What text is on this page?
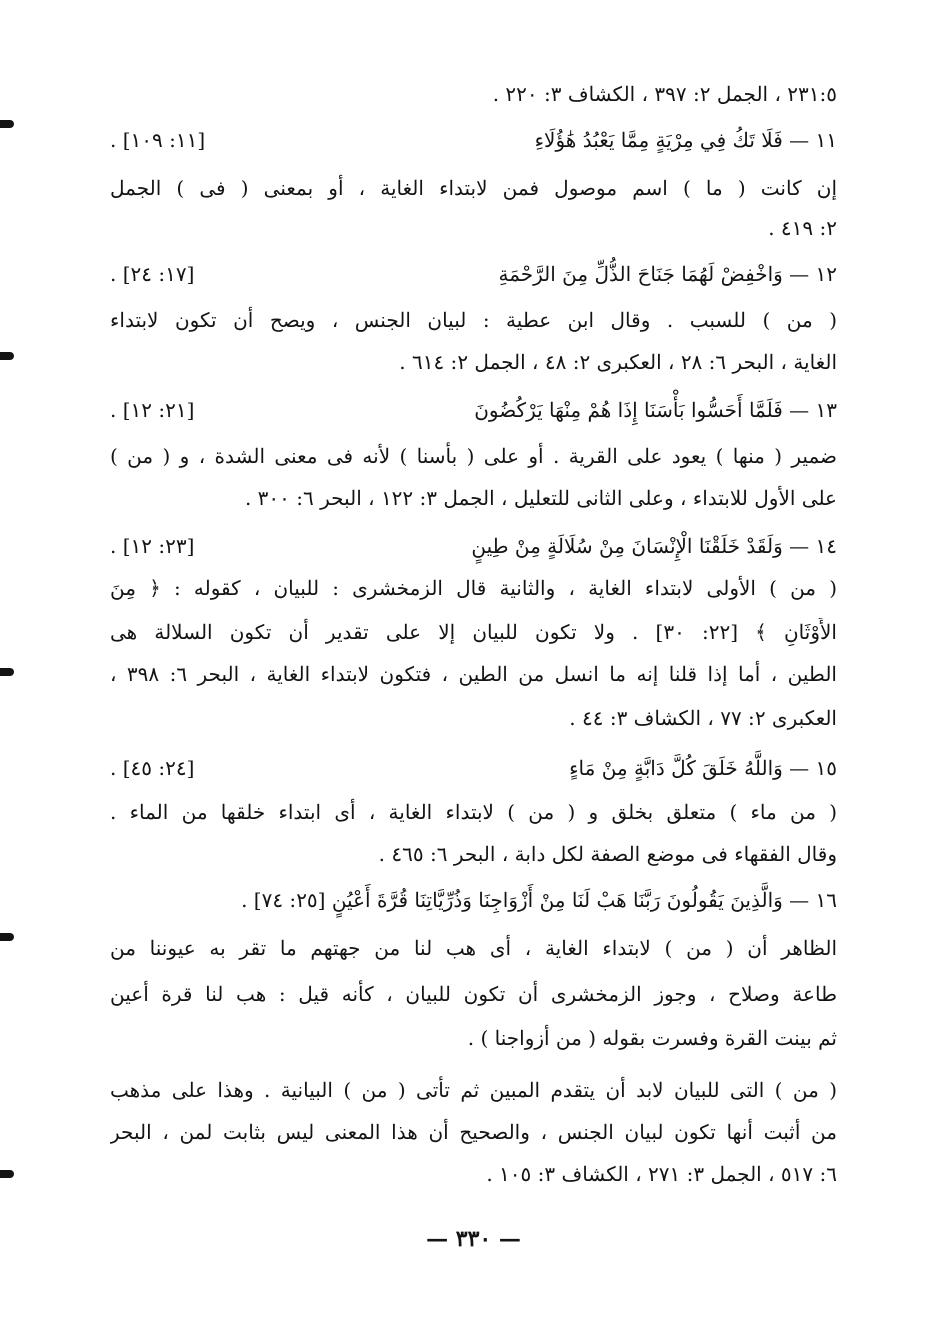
٢٣١:٥ ، الجمل ٢: ٣٩٧ ، الكشاف ٣: ٢٢٠ .
١١ — فَلَا تَكُ فِي مِرْيَةٍ مِمَّا يَعْبُدُ هَٰؤُلَاءِ
[١١: ١٠٩] .
إن كانت ( ما ) اسم موصول فمن لابتداء الغاية ، أو بمعنى ( فى ) الجمل
٢: ٤١٩ .
١٢ — وَاخْفِضْ لَهُمَا جَنَاحَ الذُّلِّ مِنَ الرَّحْمَةِ
[١٧: ٢٤] .
( من ) للسبب . وقال ابن عطية : لبيان الجنس ، ويصح أن تكون لابتداء
الغاية ، البحر ٦: ٢٨ ، العكبرى ٢: ٤٨ ، الجمل ٢: ٦١٤ .
١٣ — فَلَمَّا أَحَسُّوا بَأْسَنَا إِذَا هُمْ مِنْهَا يَرْكُضُونَ
[٢١: ١٢] .
ضمير ( منها ) يعود على القرية . أو على ( بأسنا ) لأنه فى معنى الشدة ، و ( من )
على الأول للابتداء ، وعلى الثانى للتعليل ، الجمل ٣: ١٢٢ ، البحر ٦: ٣٠٠ .
١٤ — وَلَقَدْ خَلَقْنَا الْإِنْسَانَ مِنْ سُلَالَةٍ مِنْ طِينٍ
[٢٣: ١٢] .
( من ) الأولى لابتداء الغاية ، والثانية قال الزمخشرى : للبيان ، كقوله : ﴿ مِنَ
الأَوْثَانِ ﴾ [٢٢: ٣٠] . ولا تكون للبيان إلا على تقدير أن تكون السلالة هى
الطين ، أما إذا قلنا إنه ما انسل من الطين ، فتكون لابتداء الغاية ، البحر ٦: ٣٩٨ ،
العكبرى ٢: ٧٧ ، الكشاف ٣: ٤٤ .
١٥ — وَاللَّهُ خَلَقَ كُلَّ دَابَّةٍ مِنْ مَاءٍ
[٢٤: ٤٥] .
( من ماء ) متعلق بخلق و ( من ) لابتداء الغاية ، أى ابتداء خلقها من الماء .
وقال الفقهاء فى موضع الصفة لكل دابة ، البحر ٦: ٤٦٥ .
١٦ — وَالَّذِينَ يَقُولُونَ رَبَّنَا هَبْ لَنَا مِنْ أَزْوَاجِنَا وَذُرِّيَّاتِنَا قُرَّةَ أَعْيُنٍ [٢٥: ٧٤] .
الظاهر أن ( من ) لابتداء الغاية ، أى هب لنا من جهتهم ما تقر به عيوننا من
طاعة وصلاح ، وجوز الزمخشرى أن تكون للبيان ، كأنه قيل : هب لنا قرة أعين
ثم بينت القرة وفسرت بقوله ( من أزواجنا ) .
( من ) التى للبيان لابد أن يتقدم المبين ثم تأتى ( من ) البيانية . وهذا على مذهب
من أثبت أنها تكون لبيان الجنس ، والصحيح أن هذا المعنى ليس بثابت لمن ، البحر
٦: ٥١٧ ، الجمل ٣: ٢٧١ ، الكشاف ٣: ١٠٥ .
— ٣٣٠ —
